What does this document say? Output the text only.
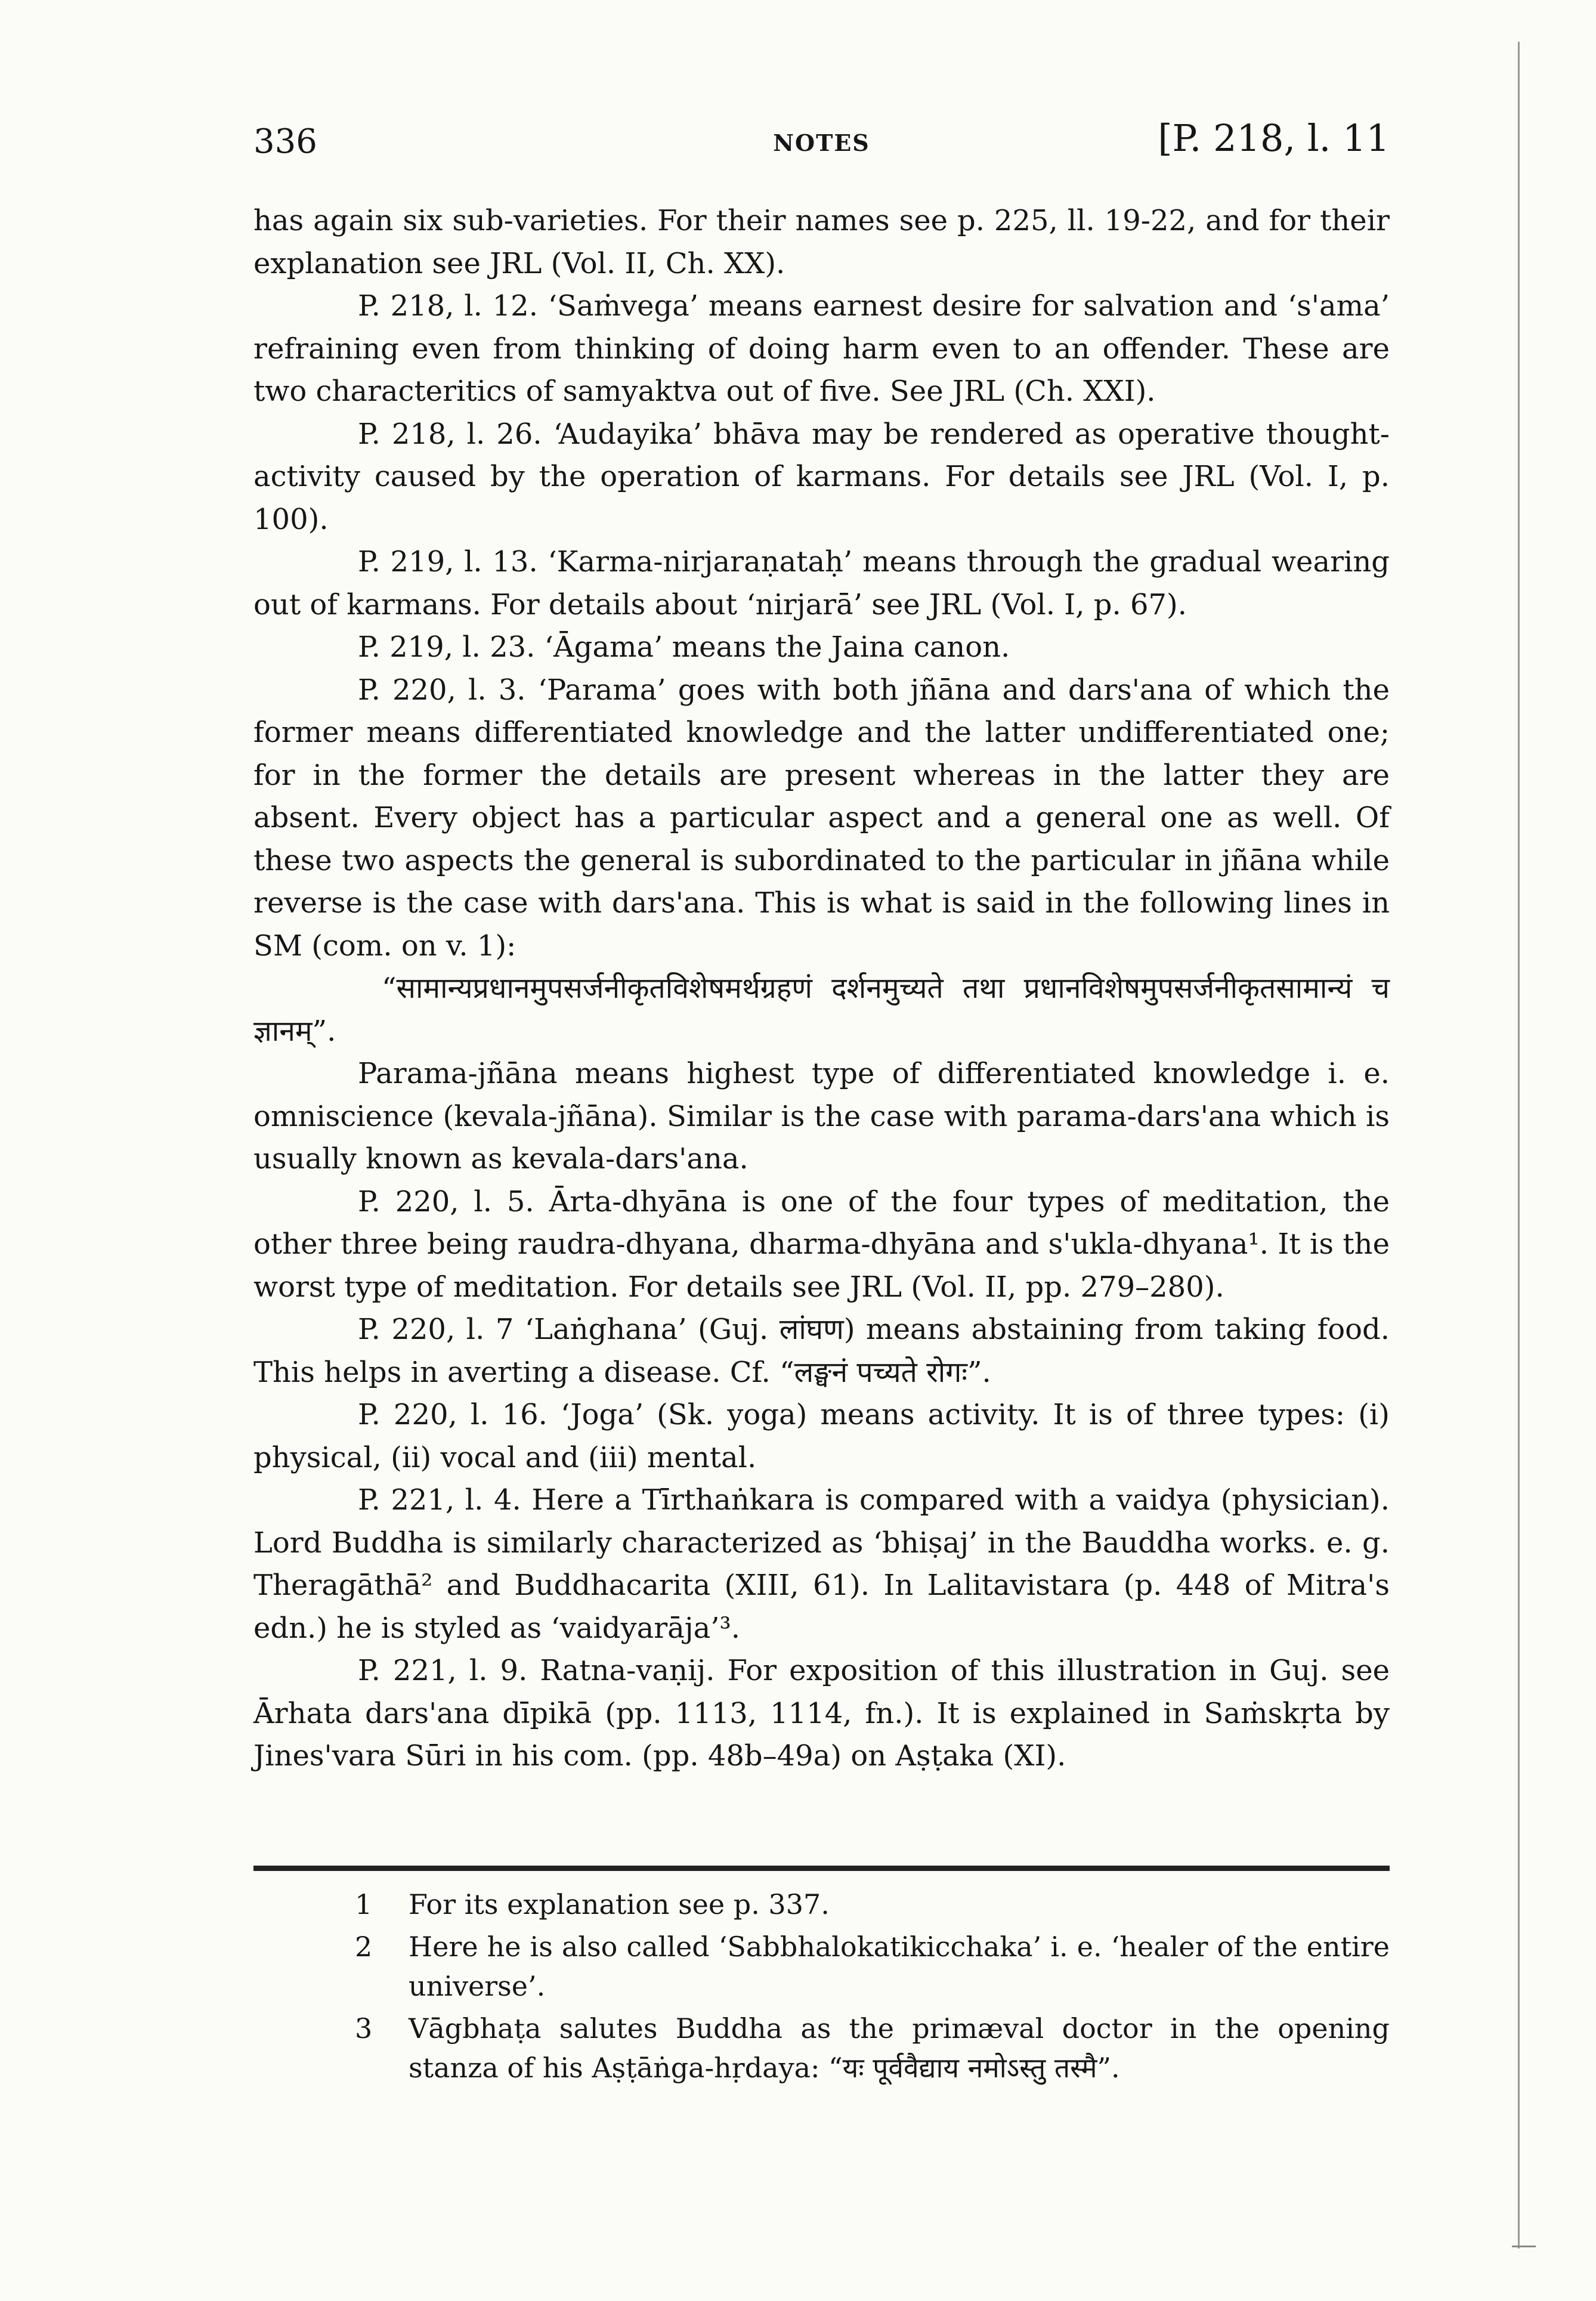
336	NOTES	[P. 218, l. 11

has again six sub-varieties. For their names see p. 225, ll. 19-22, and for their explanation see JRL (Vol. II, Ch. XX).

P. 218, l. 12. ‘Saṁvega’ means earnest desire for salvation and ‘s'ama’ refraining even from thinking of doing harm even to an offender. These are two characteritics of samyaktva out of five. See JRL (Ch. XXI).

P. 218, l. 26. ‘Audayika’ bhāva may be rendered as operative thought-activity caused by the operation of karmans. For details see JRL (Vol. I, p. 100).

P. 219, l. 13. ‘Karma-nirjaraṇataḥ’ means through the gradual wearing out of karmans. For details about ‘nirjarā’ see JRL (Vol. I, p. 67).

P. 219, l. 23. ‘Āgama’ means the Jaina canon.

P. 220, l. 3. ‘Parama’ goes with both jñāna and dars'ana of which the former means differentiated knowledge and the latter undifferentiated one; for in the former the details are present whereas in the latter they are absent. Every object has a particular aspect and a general one as well. Of these two aspects the general is subordinated to the particular in jñāna while reverse is the case with dars'ana. This is what is said in the following lines in SM (com. on v. 1):

“सामान्यप्रधानमुपसर्जनीकृतविशेषमर्थग्रहणं दर्शनमुच्यते तथा प्रधानविशेषमुपसर्जनीकृतसामान्यं च ज्ञानम्”.

Parama-jñāna means highest type of differentiated knowledge i. e. omniscience (kevala-jñāna). Similar is the case with parama-dars'ana which is usually known as kevala-dars'ana.

P. 220, l. 5. Ārta-dhyāna is one of the four types of meditation, the other three being raudra-dhyana, dharma-dhyāna and s'ukla-dhyana¹. It is the worst type of meditation. For details see JRL (Vol. II, pp. 279–280).

P. 220, l. 7 ‘Laṅghana’ (Guj. लांघण) means abstaining from taking food. This helps in averting a disease. Cf. “लङ्घनं पच्यते रोगः”.

P. 220, l. 16. ‘Joga’ (Sk. yoga) means activity. It is of three types: (i) physical, (ii) vocal and (iii) mental.

P. 221, l. 4. Here a Tīrthaṅkara is compared with a vaidya (physician). Lord Buddha is similarly characterized as ‘bhiṣaj’ in the Bauddha works. e. g. Theragāthā² and Buddhacarita (XIII, 61). In Lalitavistara (p. 448 of Mitra's edn.) he is styled as ‘vaidyarāja’³.

P. 221, l. 9. Ratna-vaṇij. For exposition of this illustration in Guj. see Ārhata dars'ana dīpikā (pp. 1113, 1114, fn.). It is explained in Saṁskṛta by Jines'vara Sūri in his com. (pp. 48b–49a) on Aṣṭaka (XI).

1	For its explanation see p. 337.
2	Here he is also called ‘Sabbhalokatikicchaka’ i. e. ‘healer of the entire universe’.
3	Vāgbhaṭa salutes Buddha as the primæval doctor in the opening stanza of his Aṣṭāṅga-hṛdaya: “यः पूर्ववैद्याय नमोऽस्तु तस्मै”.
